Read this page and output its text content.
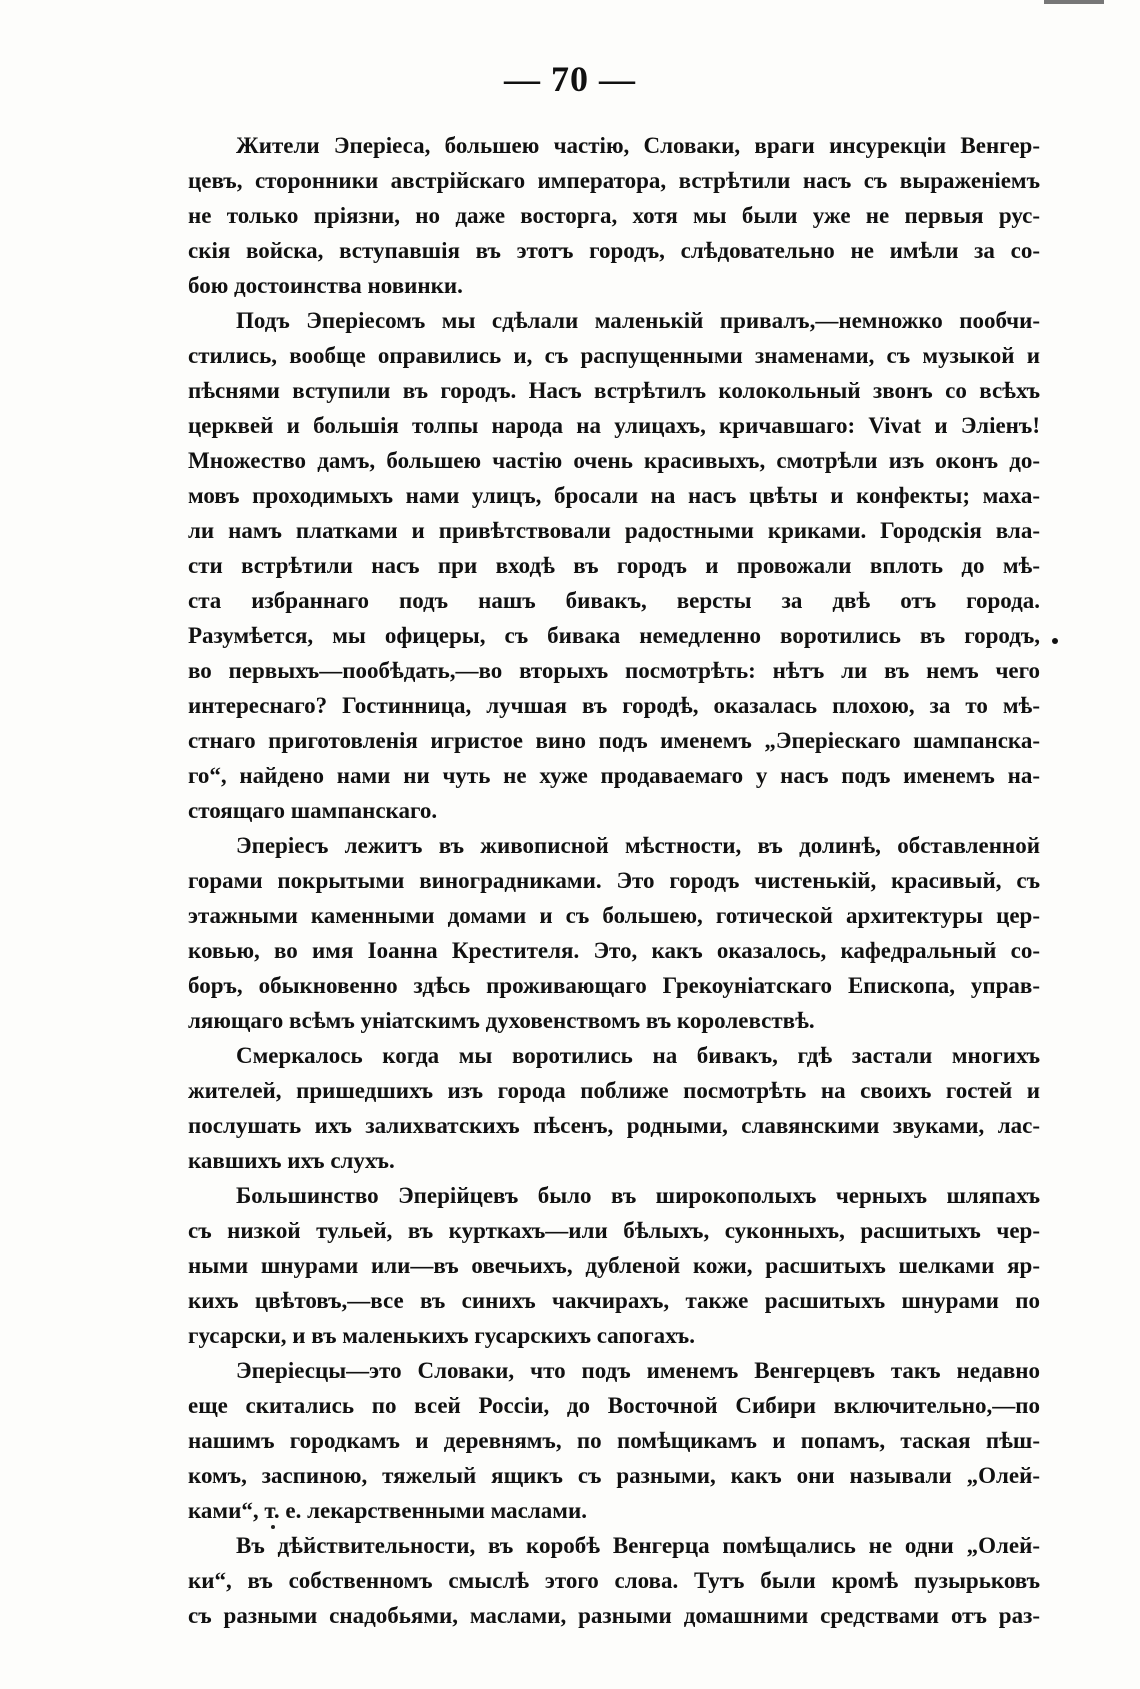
— 70 —

Жители Эперіеса, большею частію, Словаки, враги инсурекціи Венгер-
цевъ, сторонники австрійскаго императора, встрѣтили насъ съ выраженіемъ
не только пріязни, но даже восторга, хотя мы были уже не первыя рус-
скія войска, вступавшія въ этотъ городъ, слѣдовательно не имѣли за со-
бою достоинства новинки.

Подъ Эперіесомъ мы сдѣлали маленькій привалъ,—немножко пообчи-
стились, вообще оправились и, съ распущенными знаменами, съ музыкой и
пѣснями вступили въ городъ. Насъ встрѣтилъ колокольный звонъ со всѣхъ
церквей и большія толпы народа на улицахъ, кричавшаго: Vivat и Эліенъ!
Множество дамъ, большею частію очень красивыхъ, смотрѣли изъ оконъ до-
мовъ проходимыхъ нами улицъ, бросали на насъ цвѣты и конфекты; маха-
ли намъ платками и привѣтствовали радостными криками. Городскія вла-
сти встрѣтили насъ при входѣ въ городъ и провожали вплоть до мѣ-
ста избраннаго подъ нашъ бивакъ, версты за двѣ отъ города.
Разумѣется, мы офицеры, съ бивака немедленно воротились въ городъ,
во первыхъ—пообѣдать,—во вторыхъ посмотрѣть: нѣтъ ли въ немъ чего
интереснаго? Гостинница, лучшая въ городѣ, оказалась плохою, за то мѣ-
стнаго приготовленія игристое вино подъ именемъ „Эперіескаго шампанска-
го“, найдено нами ни чуть не хуже продаваемаго у насъ подъ именемъ на-
стоящаго шампанскаго.

Эперіесъ лежитъ въ живописной мѣстности, въ долинѣ, обставленной
горами покрытыми виноградниками. Это городъ чистенькій, красивый, съ
этажными каменными домами и съ большею, готической архитектуры цер-
ковью, во имя Іоанна Крестителя. Это, какъ оказалось, кафедральный со-
боръ, обыкновенно здѣсь проживающаго Грекоуніатскаго Епископа, управ-
ляющаго всѣмъ уніатскимъ духовенствомъ въ королевствѣ.

Смеркалось когда мы воротились на бивакъ, гдѣ застали многихъ
жителей, пришедшихъ изъ города поближе посмотрѣть на своихъ гостей и
послушать ихъ залихватскихъ пѣсенъ, родными, славянскими звуками, лас-
кавшихъ ихъ слухъ.

Большинство Эперійцевъ было въ широкополыхъ черныхъ шляпахъ
съ низкой тульей, въ курткахъ—или бѣлыхъ, суконныхъ, расшитыхъ чер-
ными шнурами или—въ овечьихъ, дубленой кожи, расшитыхъ шелками яр-
кихъ цвѣтовъ,—все въ синихъ чакчирахъ, также расшитыхъ шнурами по
гусарски, и въ маленькихъ гусарскихъ сапогахъ.

Эперіесцы—это Словаки, что подъ именемъ Венгерцевъ такъ недавно
еще скитались по всей Россіи, до Восточной Сибири включительно,—по
нашимъ городкамъ и деревнямъ, по помѣщикамъ и попамъ, таская пѣш-
комъ, заспиною, тяжелый ящикъ съ разными, какъ они называли „Олей-
ками“, т. е. лекарственными маслами.

Въ дѣйствительности, въ коробѣ Венгерца помѣщались не одни „Олей-
ки“, въ собственномъ смыслѣ этого слова. Тутъ были кромѣ пузырьковъ
съ разными снадобьями, маслами, разными домашними средствами отъ раз-
